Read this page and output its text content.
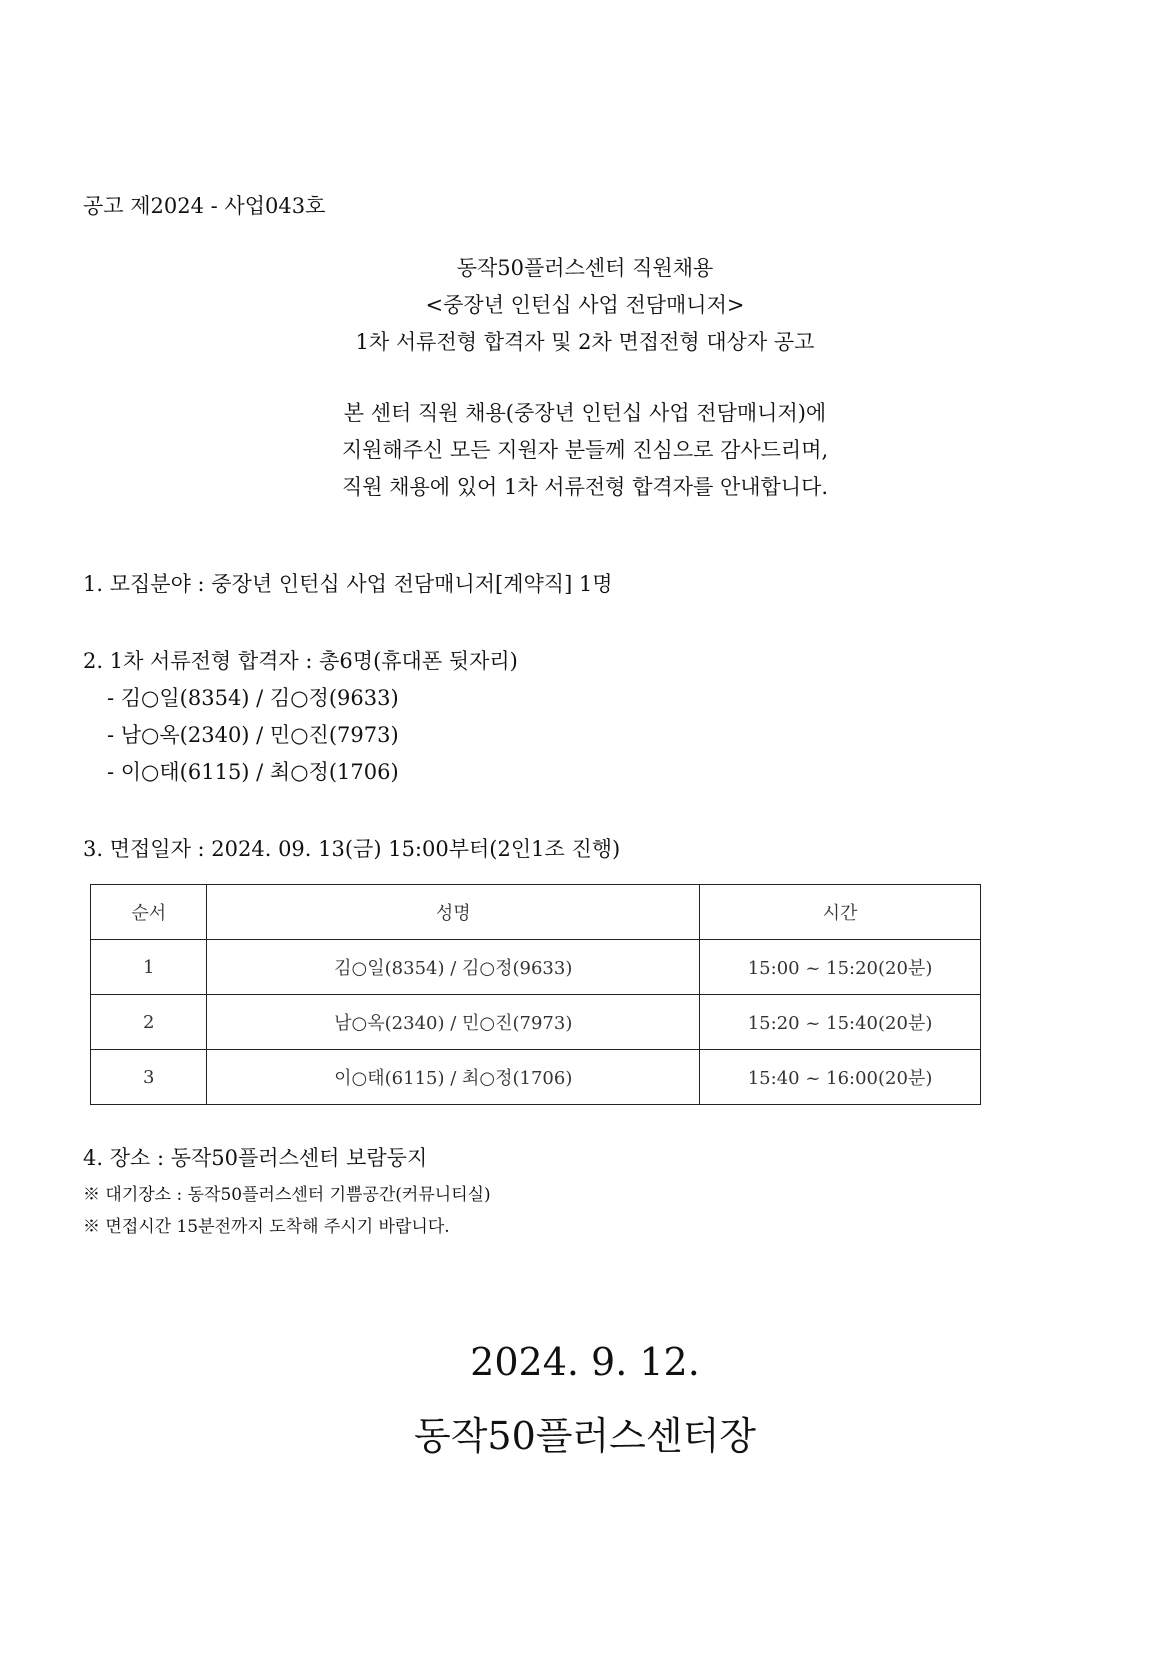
공고 제2024 - 사업043호
동작50플러스센터 직원채용
<중장년 인턴십 사업 전담매니저>
1차 서류전형 합격자 및 2차 면접전형 대상자 공고
본 센터 직원 채용(중장년 인턴십 사업 전담매니저)에
지원해주신 모든 지원자 분들께 진심으로 감사드리며,
직원 채용에 있어 1차 서류전형 합격자를 안내합니다.
1. 모집분야 : 중장년 인턴십 사업 전담매니저[계약직] 1명
2. 1차 서류전형 합격자 : 총6명(휴대폰 뒷자리)
- 김○일(8354) / 김○정(9633)
- 남○옥(2340) / 민○진(7973)
- 이○태(6115) / 최○정(1706)
3. 면접일자 : 2024. 09. 13(금) 15:00부터(2인1조 진행)
순서	성명	시간
1	김○일(8354) / 김○정(9633)	15:00 ~ 15:20(20분)
2	남○옥(2340) / 민○진(7973)	15:20 ~ 15:40(20분)
3	이○태(6115) / 최○정(1706)	15:40 ~ 16:00(20분)
4. 장소 : 동작50플러스센터 보람둥지
※ 대기장소 : 동작50플러스센터 기쁨공간(커뮤니티실)
※ 면접시간 15분전까지 도착해 주시기 바랍니다.
2024. 9. 12.
동작50플러스센터장
